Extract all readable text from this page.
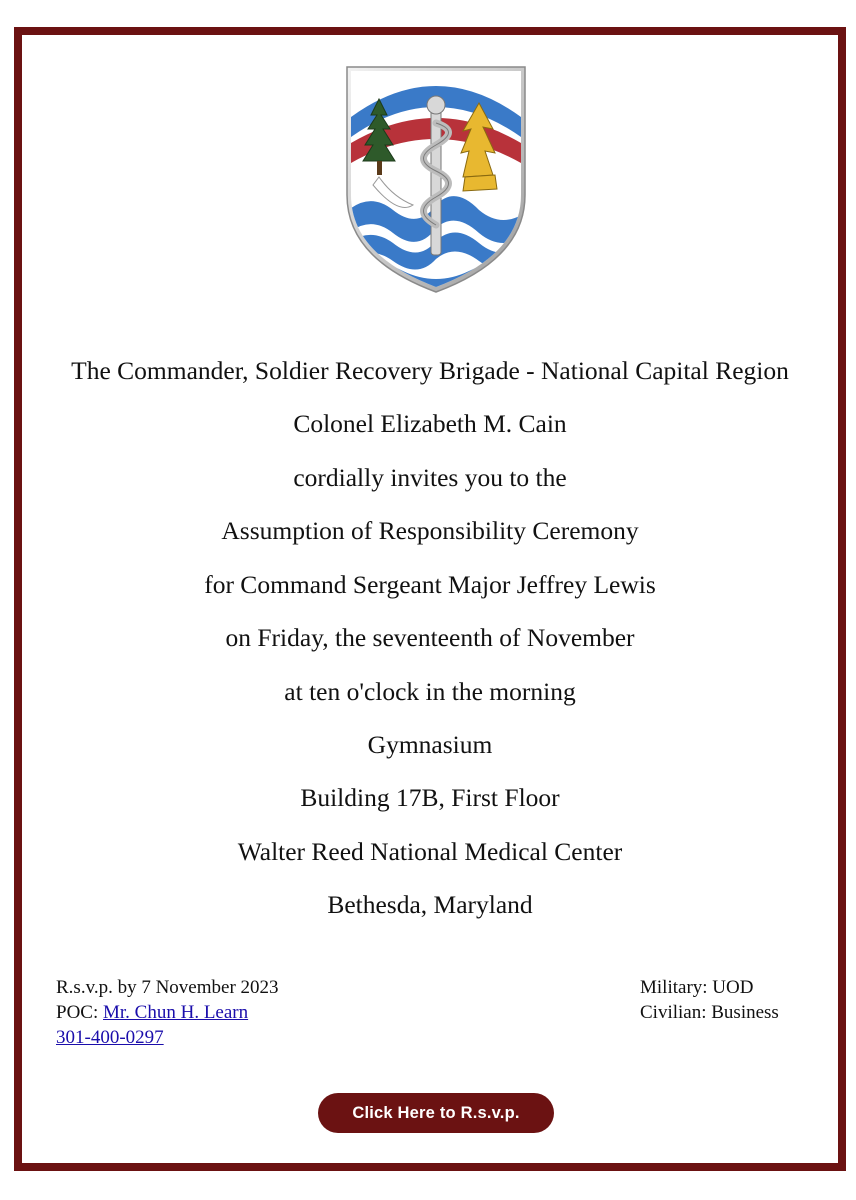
The Commander, Soldier Recovery Brigade - National Capital Region
Colonel Elizabeth M. Cain
cordially invites you to the
Assumption of Responsibility Ceremony
for Command Sergeant Major Jeffrey Lewis
on Friday, the seventeenth of November
at ten o'clock in the morning
Gymnasium
Building 17B, First Floor
Walter Reed National Medical Center
Bethesda, Maryland
R.s.v.p. by 7 November 2023
POC: Mr. Chun H. Learn
301-400-0297
Military: UOD
Civilian: Business
Click Here to R.s.v.p.
